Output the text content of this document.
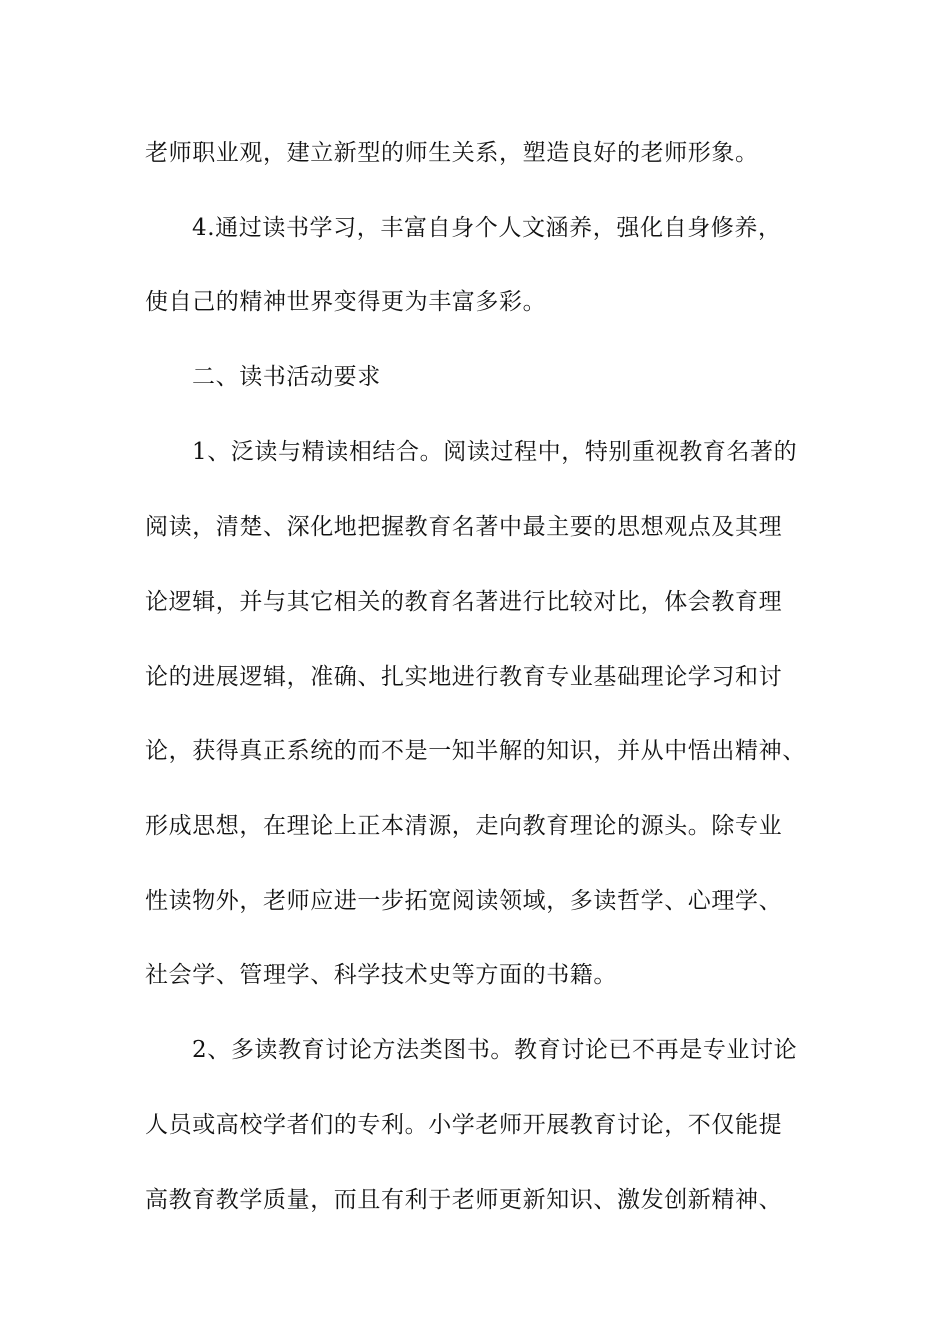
老师职业观，建立新型的师生关系，塑造良好的老师形象。
4.通过读书学习，丰富自身个人文涵养，强化自身修养，
使自己的精神世界变得更为丰富多彩。
二、读书活动要求
1、泛读与精读相结合。阅读过程中，特别重视教育名著的
阅读，清楚、深化地把握教育名著中最主要的思想观点及其理
论逻辑，并与其它相关的教育名著进行比较对比，体会教育理
论的进展逻辑，准确、扎实地进行教育专业基础理论学习和讨
论，获得真正系统的而不是一知半解的知识，并从中悟出精神、
形成思想，在理论上正本清源，走向教育理论的源头。除专业
性读物外，老师应进一步拓宽阅读领域，多读哲学、心理学、
社会学、管理学、科学技术史等方面的书籍。
2、多读教育讨论方法类图书。教育讨论已不再是专业讨论
人员或高校学者们的专利。小学老师开展教育讨论，不仅能提
高教育教学质量，而且有利于老师更新知识、激发创新精神、
